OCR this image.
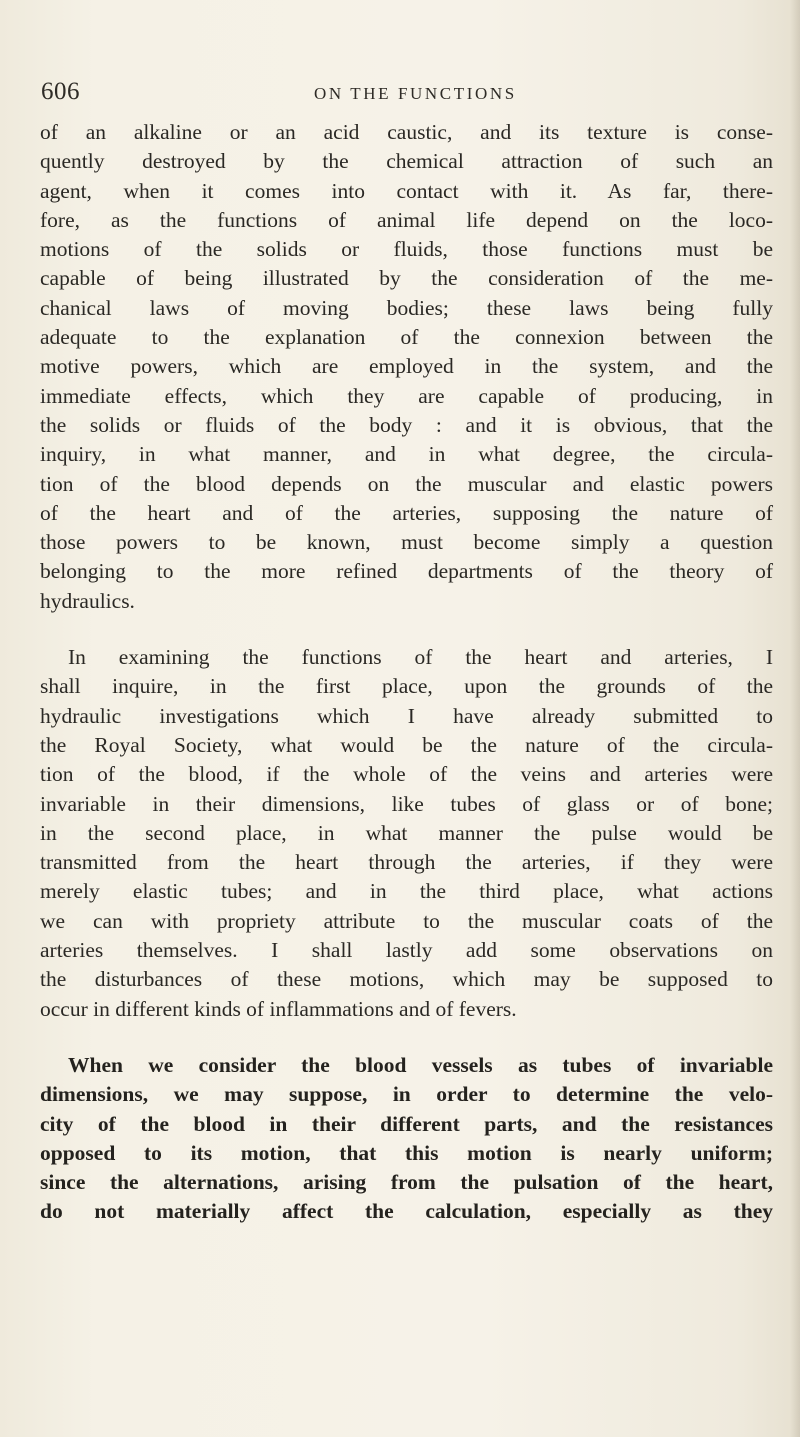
606	ON THE FUNCTIONS
of an alkaline or an acid caustic, and its texture is conse-
quently destroyed by the chemical attraction of such an
agent, when it comes into contact with it. As far, there-
fore, as the functions of animal life depend on the loco-
motions of the solids or fluids, those functions must be
capable of being illustrated by the consideration of the me-
chanical laws of moving bodies; these laws being fully
adequate to the explanation of the connexion between the
motive powers, which are employed in the system, and the
immediate effects, which they are capable of producing, in
the solids or fluids of the body : and it is obvious, that the
inquiry, in what manner, and in what degree, the circula-
tion of the blood depends on the muscular and elastic powers
of the heart and of the arteries, supposing the nature of
those powers to be known, must become simply a question
belonging to the more refined departments of the theory of
hydraulics.
In examining the functions of the heart and arteries, I
shall inquire, in the first place, upon the grounds of the
hydraulic investigations which I have already submitted to
the Royal Society, what would be the nature of the circula-
tion of the blood, if the whole of the veins and arteries were
invariable in their dimensions, like tubes of glass or of bone;
in the second place, in what manner the pulse would be
transmitted from the heart through the arteries, if they were
merely elastic tubes; and in the third place, what actions
we can with propriety attribute to the muscular coats of the
arteries themselves. I shall lastly add some observations on
the disturbances of these motions, which may be supposed to
occur in different kinds of inflammations and of fevers.
When we consider the blood vessels as tubes of invariable
dimensions, we may suppose, in order to determine the velo-
city of the blood in their different parts, and the resistances
opposed to its motion, that this motion is nearly uniform;
since the alternations, arising from the pulsation of the heart,
do not materially affect the calculation, especially as they
